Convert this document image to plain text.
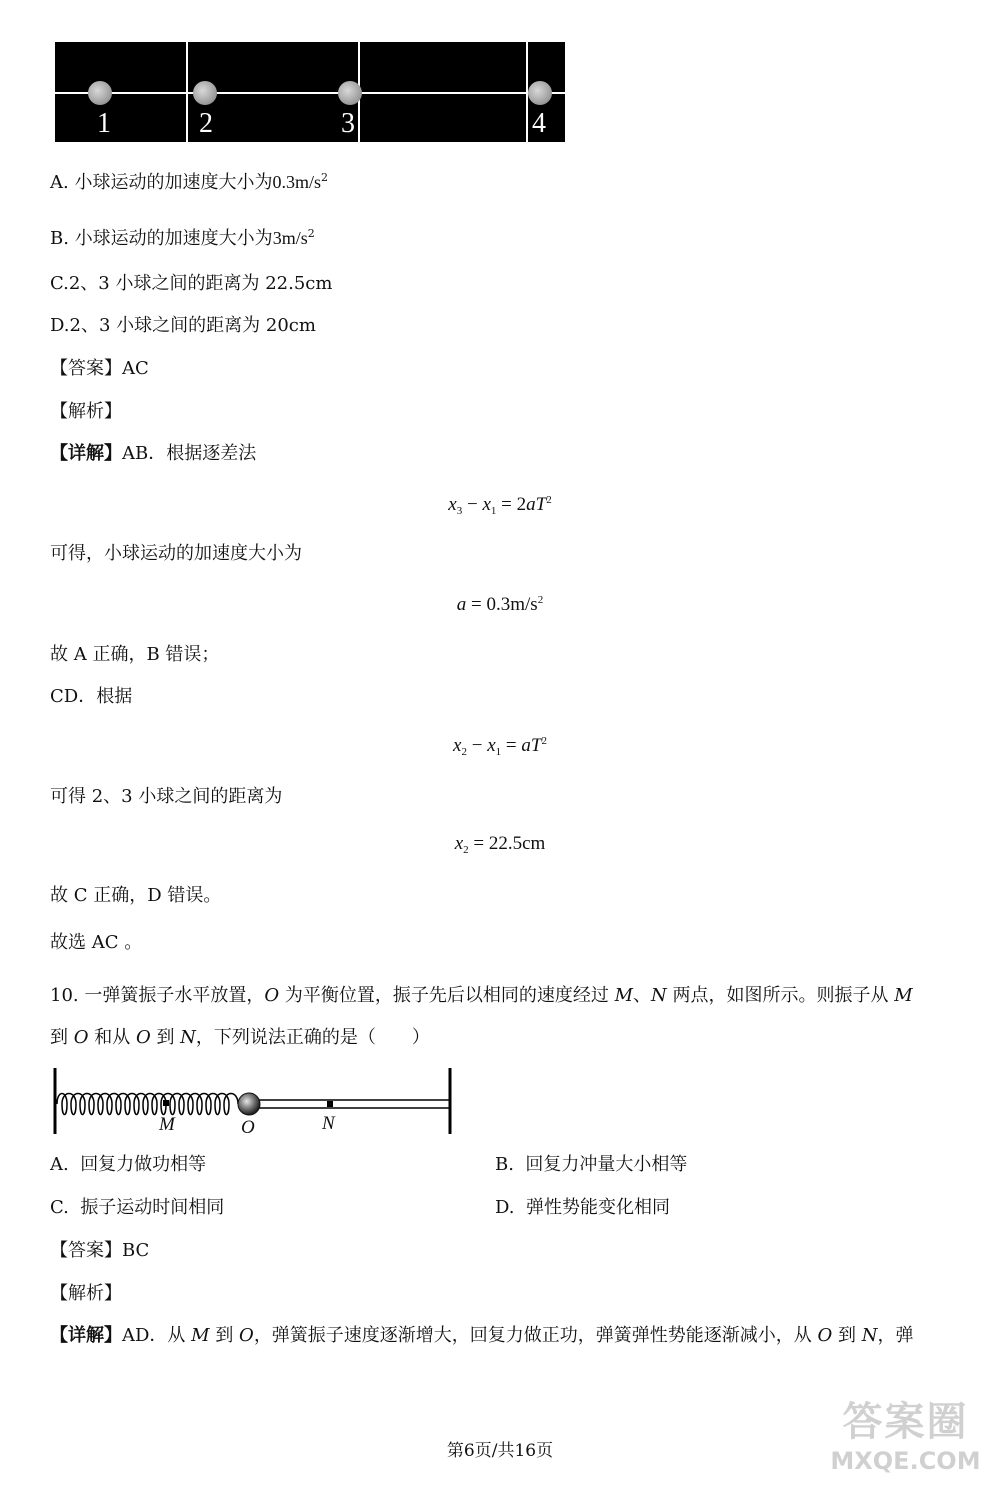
1	2	3	4
A. 小球运动的加速度大小为$0.3m/s^2$
B. 小球运动的加速度大小为$3m/s^2$
C.2、3 小球之间的距离为 22.5cm
D.2、3 小球之间的距离为 20cm
【答案】AC
【解析】
【详解】AB．根据逐差法
$x_3 - x_1 = 2aT^2$
可得，小球运动的加速度大小为
$a = 0.3m/s^2$
故 A 正确，B 错误；
CD．根据
$x_2 - x_1 = aT^2$
可得 2、3 小球之间的距离为
$x_2 = 22.5cm$
故 C 正确，D 错误。
故选 AC 。
10. 一弹簧振子水平放置，O 为平衡位置，振子先后以相同的速度经过 M、N 两点，如图所示。则振子从 M
到 O 和从 O 到 N，下列说法正确的是（　　）
M	O	N
A. 回复力做功相等	B. 回复力冲量大小相等
C. 振子运动时间相同	D. 弹性势能变化相同
【答案】BC
【解析】
【详解】AD．从 M 到 O，弹簧振子速度逐渐增大，回复力做正功，弹簧弹性势能逐渐减小，从 O 到 N，弹
第6页/共16页
答案圈
MXQE.COM
